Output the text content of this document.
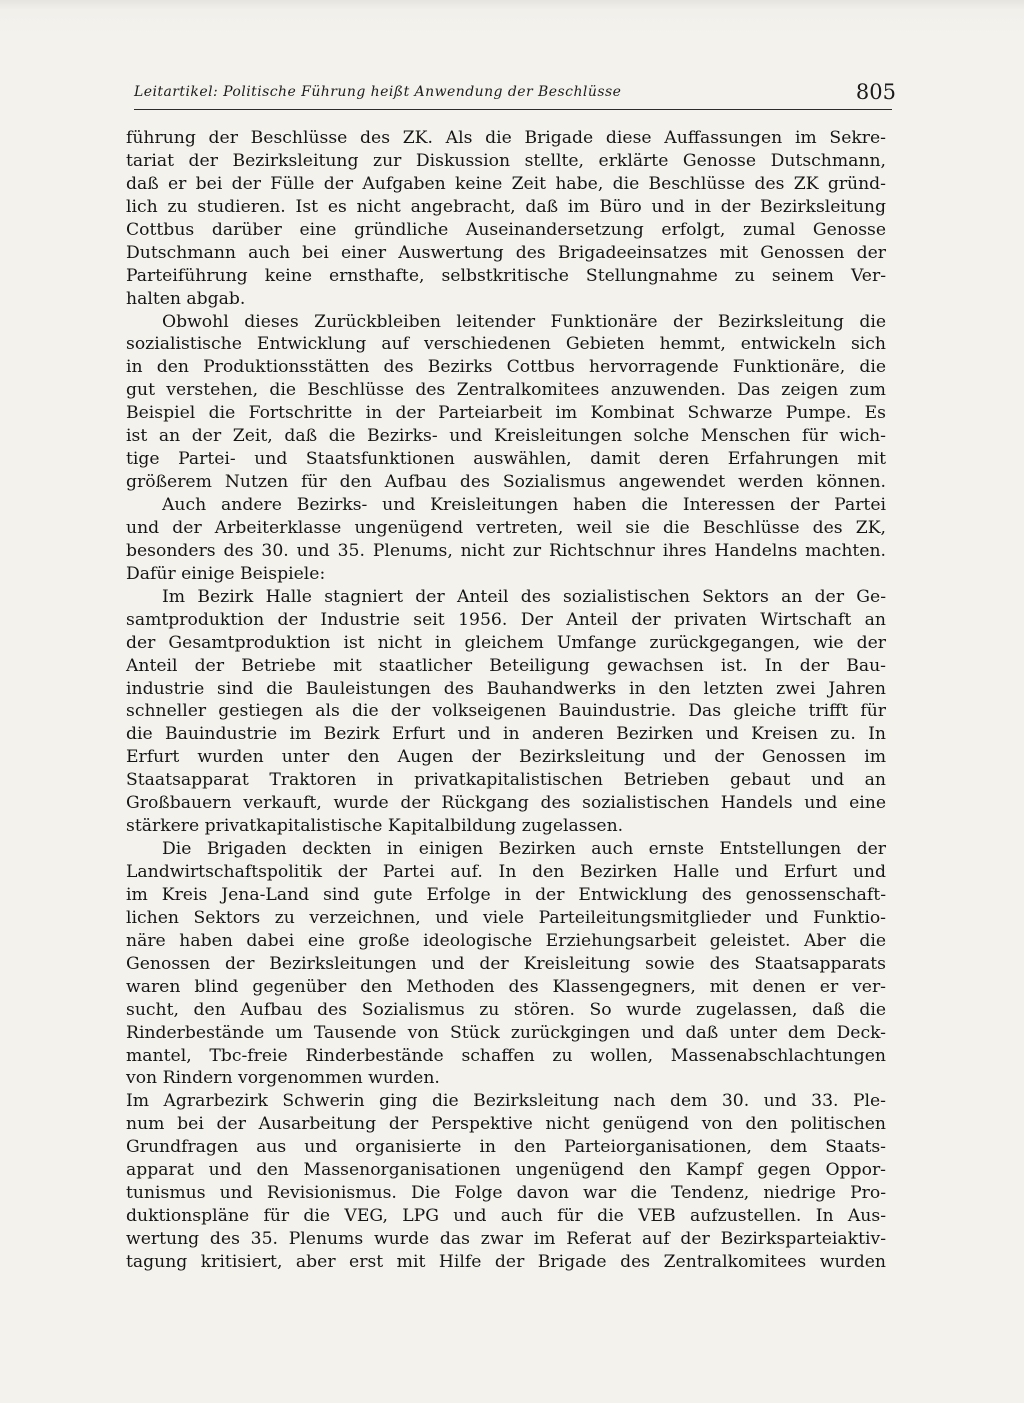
Leitartikel: Politische Führung heißt Anwendung der Beschlüsse	805
führung der Beschlüsse des ZK. Als die Brigade diese Auffassungen im Sekre-
tariat der Bezirksleitung zur Diskussion stellte, erklärte Genosse Dutschmann,
daß er bei der Fülle der Aufgaben keine Zeit habe, die Beschlüsse des ZK gründ-
lich zu studieren. Ist es nicht angebracht, daß im Büro und in der Bezirksleitung
Cottbus darüber eine gründliche Auseinandersetzung erfolgt, zumal Genosse
Dutschmann auch bei einer Auswertung des Brigadeeinsatzes mit Genossen der
Parteiführung keine ernsthafte, selbstkritische Stellungnahme zu seinem Ver-
halten abgab.
Obwohl dieses Zurückbleiben leitender Funktionäre der Bezirksleitung die
sozialistische Entwicklung auf verschiedenen Gebieten hemmt, entwickeln sich
in den Produktionsstätten des Bezirks Cottbus hervorragende Funktionäre, die
gut verstehen, die Beschlüsse des Zentralkomitees anzuwenden. Das zeigen zum
Beispiel die Fortschritte in der Parteiarbeit im Kombinat Schwarze Pumpe. Es
ist an der Zeit, daß die Bezirks- und Kreisleitungen solche Menschen für wich-
tige Partei- und Staatsfunktionen auswählen, damit deren Erfahrungen mit
größerem Nutzen für den Aufbau des Sozialismus angewendet werden können.
Auch andere Bezirks- und Kreisleitungen haben die Interessen der Partei
und der Arbeiterklasse ungenügend vertreten, weil sie die Beschlüsse des ZK,
besonders des 30. und 35. Plenums, nicht zur Richtschnur ihres Handelns machten.
Dafür einige Beispiele:
Im Bezirk Halle stagniert der Anteil des sozialistischen Sektors an der Ge-
samtproduktion der Industrie seit 1956. Der Anteil der privaten Wirtschaft an
der Gesamtproduktion ist nicht in gleichem Umfange zurückgegangen, wie der
Anteil der Betriebe mit staatlicher Beteiligung gewachsen ist. In der Bau-
industrie sind die Bauleistungen des Bauhandwerks in den letzten zwei Jahren
schneller gestiegen als die der volkseigenen Bauindustrie. Das gleiche trifft für
die Bauindustrie im Bezirk Erfurt und in anderen Bezirken und Kreisen zu. In
Erfurt wurden unter den Augen der Bezirksleitung und der Genossen im
Staatsapparat Traktoren in privatkapitalistischen Betrieben gebaut und an
Großbauern verkauft, wurde der Rückgang des sozialistischen Handels und eine
stärkere privatkapitalistische Kapitalbildung zugelassen.
Die Brigaden deckten in einigen Bezirken auch ernste Entstellungen der
Landwirtschaftspolitik der Partei auf. In den Bezirken Halle und Erfurt und
im Kreis Jena-Land sind gute Erfolge in der Entwicklung des genossenschaft-
lichen Sektors zu verzeichnen, und viele Parteileitungsmitglieder und Funktio-
näre haben dabei eine große ideologische Erziehungsarbeit geleistet. Aber die
Genossen der Bezirksleitungen und der Kreisleitung sowie des Staatsapparats
waren blind gegenüber den Methoden des Klassengegners, mit denen er ver-
sucht, den Aufbau des Sozialismus zu stören. So wurde zugelassen, daß die
Rinderbestände um Tausende von Stück zurückgingen und daß unter dem Deck-
mantel, Tbc-freie Rinderbestände schaffen zu wollen, Massenabschlachtungen
von Rindern vorgenommen wurden.
Im Agrarbezirk Schwerin ging die Bezirksleitung nach dem 30. und 33. Ple-
num bei der Ausarbeitung der Perspektive nicht genügend von den politischen
Grundfragen aus und organisierte in den Parteiorganisationen, dem Staats-
apparat und den Massenorganisationen ungenügend den Kampf gegen Oppor-
tunismus und Revisionismus. Die Folge davon war die Tendenz, niedrige Pro-
duktionspläne für die VEG, LPG und auch für die VEB aufzustellen. In Aus-
wertung des 35. Plenums wurde das zwar im Referat auf der Bezirksparteiaktiv-
tagung kritisiert, aber erst mit Hilfe der Brigade des Zentralkomitees wurden
